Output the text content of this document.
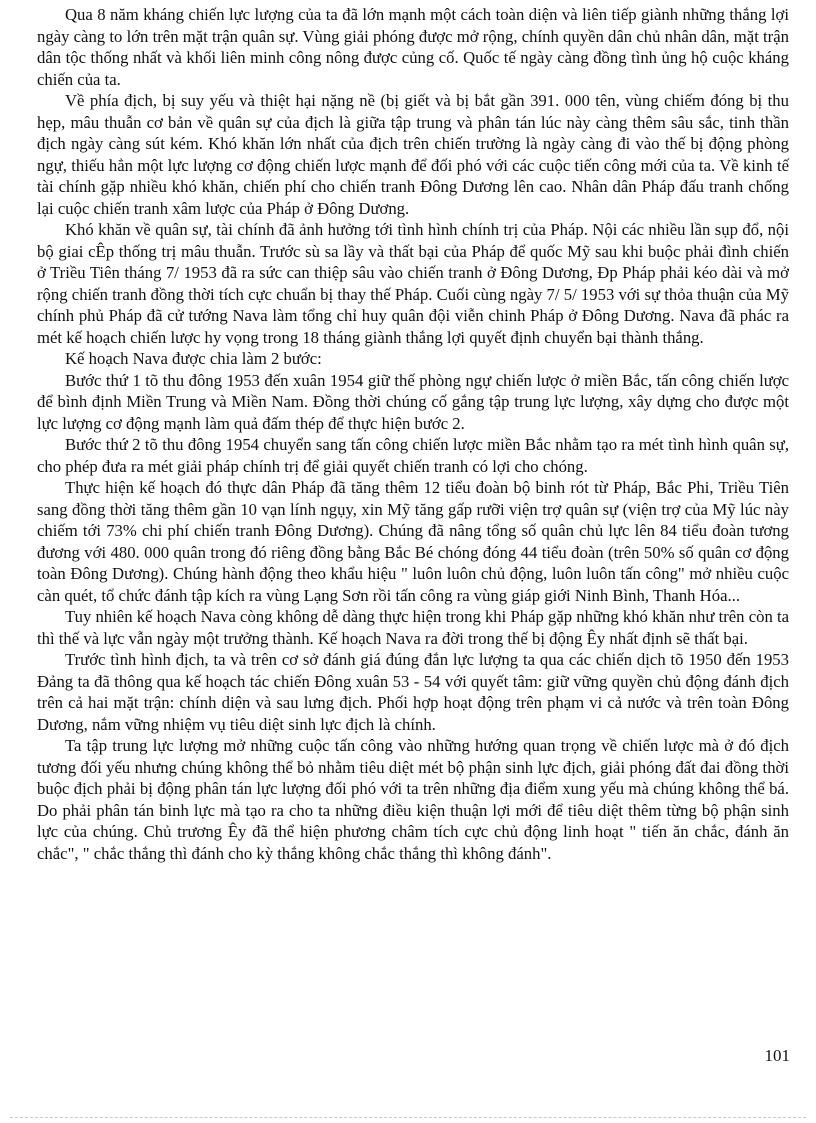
Qua 8 năm kháng chiến lực lượng của ta đã lớn mạnh một cách toàn diện và liên tiếp giành những thắng lợi ngày càng to lớn trên mặt trận quân sự. Vùng giải phóng được mở rộng, chính quyền dân chủ nhân dân, mặt trận dân tộc thống nhất và khối liên minh công nông được củng cố. Quốc tế ngày càng đồng tình ủng hộ cuộc kháng chiến của ta.

Về phía địch, bị suy yếu và thiệt hại nặng nề (bị giết và bị bắt gần 391. 000 tên, vùng chiếm đóng bị thu hẹp, mâu thuẫn cơ bản về quân sự của địch là giữa tập trung và phân tán lúc này càng thêm sâu sắc, tinh thần địch ngày càng sút kém. Khó khăn lớn nhất của địch trên chiến trường là ngày càng đi vào thế bị động phòng ngự, thiếu hẳn một lực lượng cơ động chiến lược mạnh để đối phó với các cuộc tiến công mới của ta. Về kinh tế tài chính gặp nhiều khó khăn, chiến phí cho chiến tranh Đông Dương lên cao. Nhân dân Pháp đấu tranh chống lại cuộc chiến tranh xâm lược của Pháp ở Đông Dương.

Khó khăn về quân sự, tài chính đã ảnh hưởng tới tình hình chính trị của Pháp. Nội các nhiều lần sụp đổ, nội bộ giai cÊp thống trị mâu thuẫn. Trước sù sa lầy và thất bại của Pháp để quốc Mỹ sau khi buộc phải đình chiến ở Triều Tiên tháng 7/ 1953 đã ra sức can thiệp sâu vào chiến tranh ở Đông Dương, Đp Pháp phải kéo dài và mở rộng chiến tranh đồng thời tích cực chuẩn bị thay thế Pháp. Cuối cùng ngày 7/ 5/ 1953 với sự thỏa thuận của Mỹ chính phủ Pháp đã cử tướng Nava làm tổng chỉ huy quân đội viễn chinh Pháp ở Đông Dương. Nava đã phác ra mét kế hoạch chiến lược hy vọng trong 18 tháng giành thắng lợi quyết định chuyển bại thành thắng.

Kế hoạch Nava được chia làm 2 bước:

Bước thứ 1 tõ thu đông 1953 đến xuân 1954 giữ thế phòng ngự chiến lược ở miền Bắc, tấn công chiến lược để bình định Miền Trung và Miền Nam. Đồng thời chúng cố gắng tập trung lực lượng, xây dựng cho được một lực lượng cơ động mạnh làm quả đấm thép để thực hiện bước 2.

Bước thứ 2 tõ thu đông 1954 chuyển sang tấn công chiến lược miền Bắc nhằm tạo ra mét tình hình quân sự, cho phép đưa ra mét giải pháp chính trị để giải quyết chiến tranh có lợi cho chóng.

Thực hiện kế hoạch đó thực dân Pháp đã tăng thêm 12 tiểu đoàn bộ binh rót từ Pháp, Bắc Phi, Triều Tiên sang đồng thời tăng thêm gần 10 vạn lính ngụy, xin Mỹ tăng gấp rưỡi viện trợ quân sự (viện trợ của Mỹ lúc này chiếm tới 73% chi phí chiến tranh Đông Dương). Chúng đã nâng tổng số quân chủ lực lên 84 tiểu đoàn tương đương với 480. 000 quân trong đó riêng đồng bằng Bắc Bé chóng đóng 44 tiểu đoàn (trên 50% số quân cơ động toàn Đông Dương). Chúng hành động theo khẩu hiệu " luôn luôn chủ động, luôn luôn tấn công" mở nhiều cuộc càn quét, tổ chức đánh tập kích ra vùng Lạng Sơn rồi tấn công ra vùng giáp giới Ninh Bình, Thanh Hóa...

Tuy nhiên kế hoạch Nava còng không dễ dàng thực hiện trong khi Pháp gặp những khó khăn như trên còn ta thì thế và lực vẫn ngày một trưởng thành. Kế hoạch Nava ra đời trong thế bị động Êy nhất định sẽ thất bại.

Trước tình hình địch, ta và trên cơ sở đánh giá đúng đắn lực lượng ta qua các chiến dịch tõ 1950 đến 1953 Đảng ta đã thông qua kế hoạch tác chiến Đông xuân 53 - 54 với quyết tâm: giữ vững quyền chủ động đánh địch trên cả hai mặt trận: chính diện và sau lưng địch. Phối hợp hoạt động trên phạm vi cả nước và trên toàn Đông Dương, nắm vững nhiệm vụ tiêu diệt sinh lực địch là chính.

Ta tập trung lực lượng mở những cuộc tấn công vào những hướng quan trọng về chiến lược mà ở đó địch tương đối yếu nhưng chúng không thể bỏ nhằm tiêu diệt mét bộ phận sinh lực địch, giải phóng đất đai đồng thời buộc địch phải bị động phân tán lực lượng đối phó với ta trên những địa điểm xung yếu mà chúng không thể bá. Do phải phân tán binh lực mà tạo ra cho ta những điều kiện thuận lợi mới để tiêu diệt thêm từng bộ phận sinh lực của chúng. Chủ trương Êy đã thể hiện phương châm tích cực chủ động linh hoạt " tiến ăn chắc, đánh ăn chắc", " chắc thắng thì đánh cho kỳ thắng không chắc thắng thì không đánh".

101
